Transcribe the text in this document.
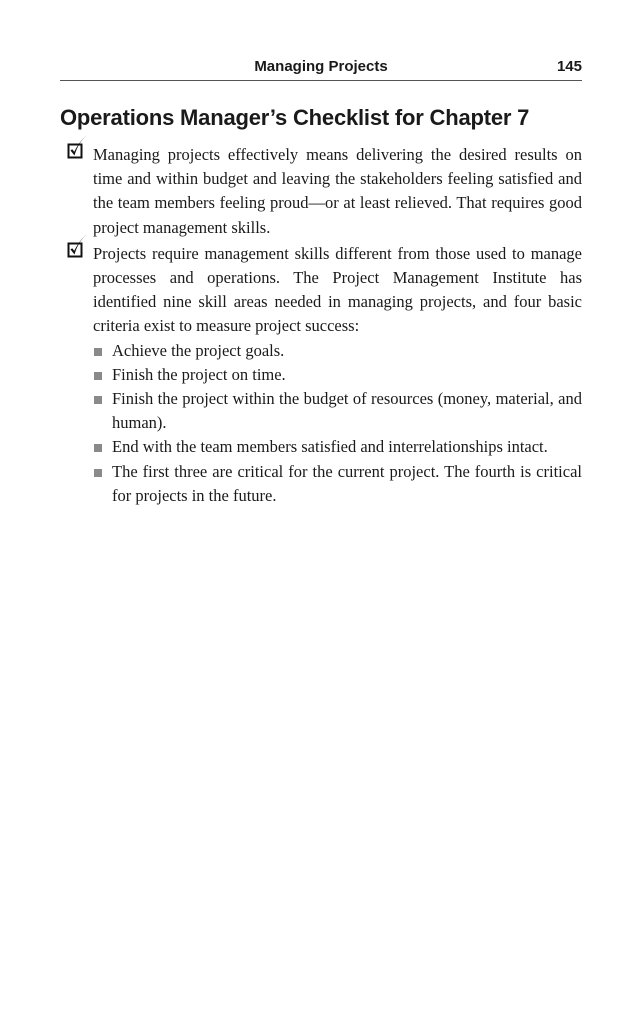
Managing Projects	145
Operations Manager’s Checklist for Chapter 7
Managing projects effectively means delivering the desired results on time and within budget and leaving the stakeholders feeling satisfied and the team members feeling proud—or at least relieved. That requires good project management skills.
Projects require management skills different from those used to manage processes and operations. The Project Management Institute has identified nine skill areas needed in managing projects, and four basic criteria exist to measure project success:
Achieve the project goals.
Finish the project on time.
Finish the project within the budget of resources (money, material, and human).
End with the team members satisfied and interrelationships intact.
The first three are critical for the current project. The fourth is critical for projects in the future.
